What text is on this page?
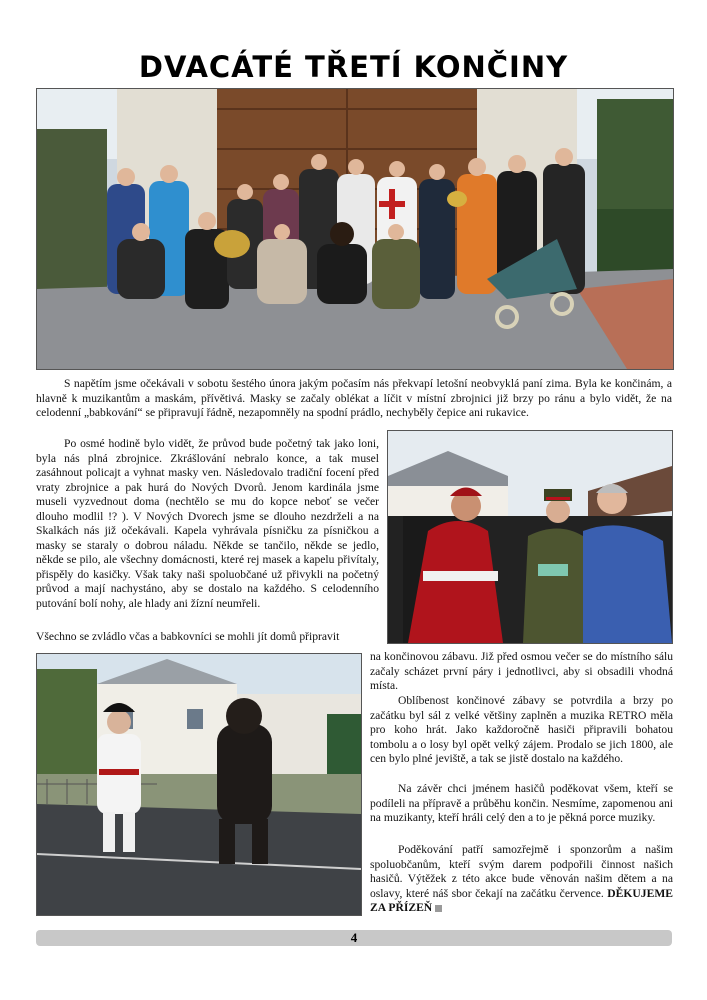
DVACÁTÉ TŘETÍ KONČINY

S napětím jsme očekávali v sobotu šestého února jakým počasím nás překvapí letošní neobvyklá paní zima. Byla ke končinám, a hlavně k muzikantům a maskám, přívětivá. Masky se začaly oblékat a líčit v místní zbrojnici již brzy po ránu a bylo vidět, že na celodenní „babkování“ se připravují řádně, nezapomněly na spodní prádlo, nechyběly čepice ani rukavice.

Po osmé hodině bylo vidět, že průvod bude početný tak jako loni, byla nás plná zbrojnice. Zkrášlování nebralo konce, a tak musel zasáhnout policajt a vyhnat masky ven. Následovalo tradiční focení před vraty zbrojnice a pak hurá do Nových Dvorů. Jenom kardinála jsme museli vyzvednout doma (nechtělo se mu do kopce neboť se večer dlouho modlil !? ). V Nových Dvorech jsme se dlouho nezdrželi a na Skalkách nás již očekávali. Kapela vyhrávala písničku za písničkou a masky se staraly o dobrou náladu. Někde se tančilo, někde se jedlo, někde se pilo, ale všechny domácnosti, které rej masek a kapelu přivítaly, přispěly do kasičky. Však taky naši spoluobčané už přivykli na početný průvod a mají nachystáno, aby se dostalo na každého. S celodenního putování bolí nohy, ale hlady ani žízní neumřeli.

Všechno se zvládlo včas a babkovníci se mohli jít domů připravit

na končinovou zábavu. Již před osmou večer se do místního sálu začaly scházet první páry i jednotlivci, aby si obsadili vhodná místa.

Oblíbenost končinové zábavy se potvrdila a brzy po začátku byl sál z velké většiny zaplněn a muzika RETRO měla pro koho hrát. Jako každoročně hasiči připravili bohatou tombolu a o losy byl opět velký zájem. Prodalo se jich 1800, ale cen bylo plné jeviště, a tak se jistě dostalo na každého.

Na závěr chci jménem hasičů poděkovat všem, kteří se podíleli na přípravě a průběhu končin. Nesmíme, zapomenou ani na muzikanty, kteří hráli celý den a to je pěkná porce muziky.

Poděkování patří samozřejmě i sponzorům a našim spoluobčanům, kteří svým darem podpořili činnost našich hasičů. Výtěžek z této akce bude věnován našim dětem a na oslavy, které náš sbor čekají na začátku července. DĚKUJEME ZA PŘÍZEŇ

4
